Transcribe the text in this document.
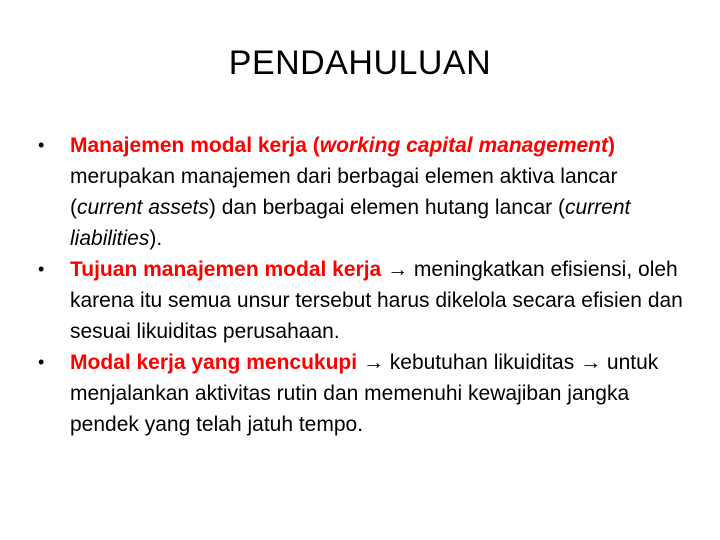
PENDAHULUAN
• Manajemen modal kerja (working capital management) merupakan manajemen dari berbagai elemen aktiva lancar (current assets) dan berbagai elemen hutang lancar (current liabilities).
• Tujuan manajemen modal kerja → meningkatkan efisiensi, oleh karena itu semua unsur tersebut harus dikelola secara efisien dan sesuai likuiditas perusahaan.
• Modal kerja yang mencukupi → kebutuhan likuiditas → untuk menjalankan aktivitas rutin dan memenuhi kewajiban jangka pendek yang telah jatuh tempo.
